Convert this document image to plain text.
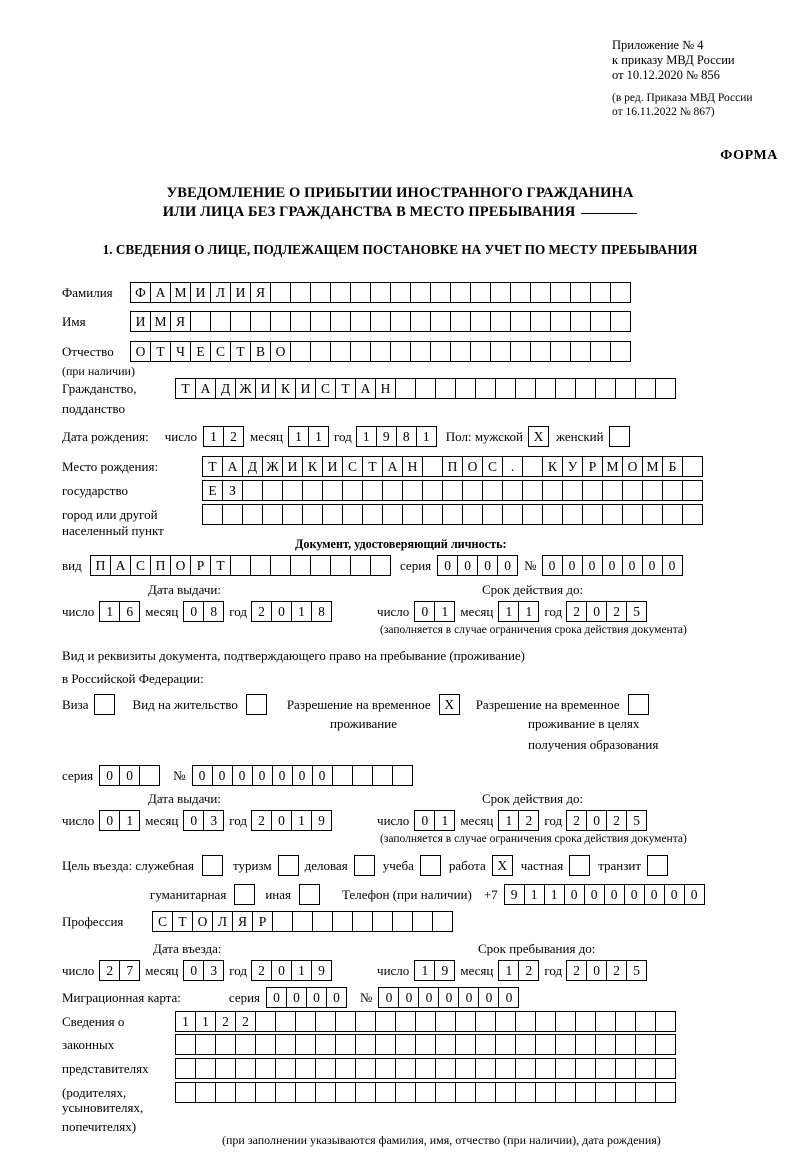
Приложение № 4
к приказу МВД России
от 10.12.2020 № 856
(в ред. Приказа МВД России
от 16.11.2022 № 867)
ФОРМА
УВЕДОМЛЕНИЕ О ПРИБЫТИИ ИНОСТРАННОГО ГРАЖДАНИНА
ИЛИ ЛИЦА БЕЗ ГРАЖДАНСТВА В МЕСТО ПРЕБЫВАНИЯ
1. СВЕДЕНИЯ О ЛИЦЕ, ПОДЛЕЖАЩЕМ ПОСТАНОВКЕ НА УЧЕТ ПО МЕСТУ ПРЕБЫВАНИЯ
Фамилия	Ф А М И Л И Я
Имя	И М Я
Отчество	О Т Ч Е С Т В О
(при наличии)
Гражданство,	Т А Д Ж И К И С Т А Н
подданство
Дата рождения: число 1 2	месяц 1 1 год 1 9 8 1	Пол: мужской X женский
Место рождения:	Т А Д Ж И К И С Т А Н	П О С	.	К У Р М О М Б
государство	Е З
город или другой
населенный пункт
Документ, удостоверяющий личность:
вид	П А С П О Р Т	серия 0 0 0 0	№ 0 0 0 0 0 0 0
Дата выдачи:	Срок действия до:
число 1 6 месяц 0 8 год 2 0 1 8	число 0 1 месяц 1 1 год 2 0 2 5
(заполняется в случае ограничения срока действия документа)
Вид и реквизиты документа, подтверждающего право на пребывание (проживание)
в Российской Федерации:
Виза	Вид на жительство	Разрешение на временное	X	Разрешение на временное
проживание	проживание в целях
получения образования
серия 0 0	№ 0 0 0 0 0 0 0
Дата выдачи:	Срок действия до:
число 0 1 месяц 0 3 год 2 0 1 9	число 0 1 месяц 1 2 год 2 0 2 5
(заполняется в случае ограничения срока действия документа)
Цель въезда: служебная	туризм	деловая	учеба	работа X	частная	транзит
гуманитарная	иная	Телефон (при наличии) +7 9 1 1 0 0 0 0 0 0 0
Профессия	С Т О Л Я Р
Дата въезда:	Срок пребывания до:
число 2 7 месяц 0 3 год 2 0 1 9	число 1 9 месяц 1 2 год 2 0 2 5
Миграционная карта:	серия 0 0 0 0	№ 0 0 0 0 0 0 0
Сведения о	1 1 2 2
законных
представителях
(родителях,
усыновителях,
попечителях)
(при заполнении указываются фамилия, имя, отчество (при наличии), дата рождения)
